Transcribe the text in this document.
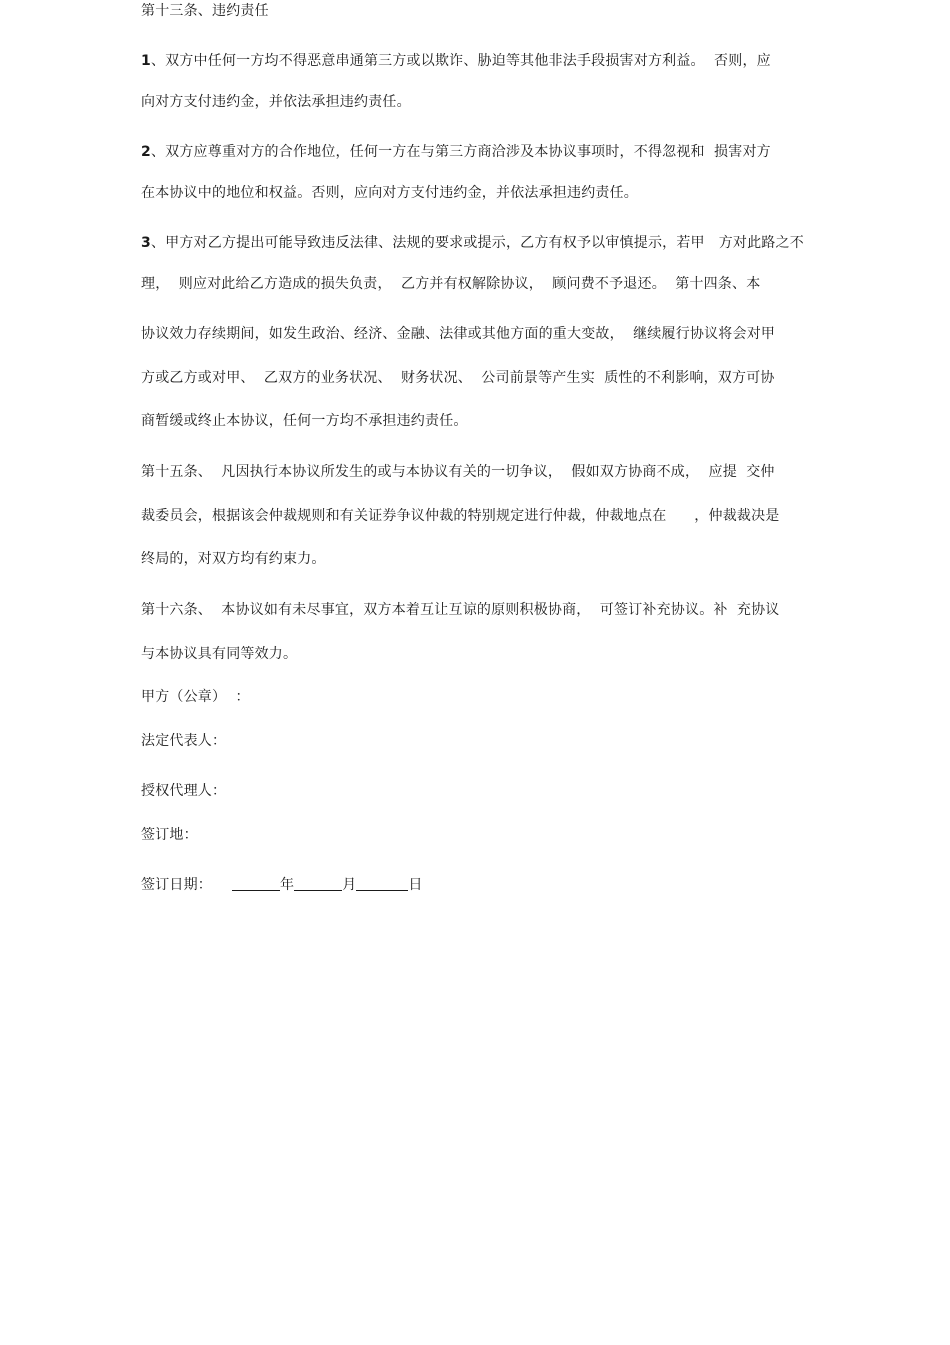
第十三条、违约责任
1、双方中任何一方均不得恶意串通第三方或以欺诈、胁迫等其他非法手段损害对方利益。  否则，应
向对方支付违约金，并依法承担违约责任。
2、双方应尊重对方的合作地位，任何一方在与第三方商洽涉及本协议事项时，不得忽视和  损害对方
在本协议中的地位和权益。否则，应向对方支付违约金，并依法承担违约责任。
3、甲方对乙方提出可能导致违反法律、法规的要求或提示，乙方有权予以审慎提示，若甲   方对此路之不
理，  则应对此给乙方造成的损失负责，  乙方并有权解除协议，  顾问费不予退还。  第十四条、本
协议效力存续期间，如发生政治、经济、金融、法律或其他方面的重大变故，  继续履行协议将会对甲
方或乙方或对甲、  乙双方的业务状况、  财务状况、  公司前景等产生实  质性的不利影响，双方可协
商暂缓或终止本协议，任何一方均不承担违约责任。
第十五条、  凡因执行本协议所发生的或与本协议有关的一切争议，  假如双方协商不成，  应提  交仲
裁委员会，根据该会仲裁规则和有关证券争议仲裁的特别规定进行仲裁，仲裁地点在      ，仲裁裁决是
终局的，对双方均有约束力。
第十六条、  本协议如有未尽事宜，双方本着互让互谅的原则积极协商，  可签订补充协议。补  充协议
与本协议具有同等效力。
甲方（公章）  ：
法定代表人：
授权代理人：
签订地：
签订日期：	年	月	日
